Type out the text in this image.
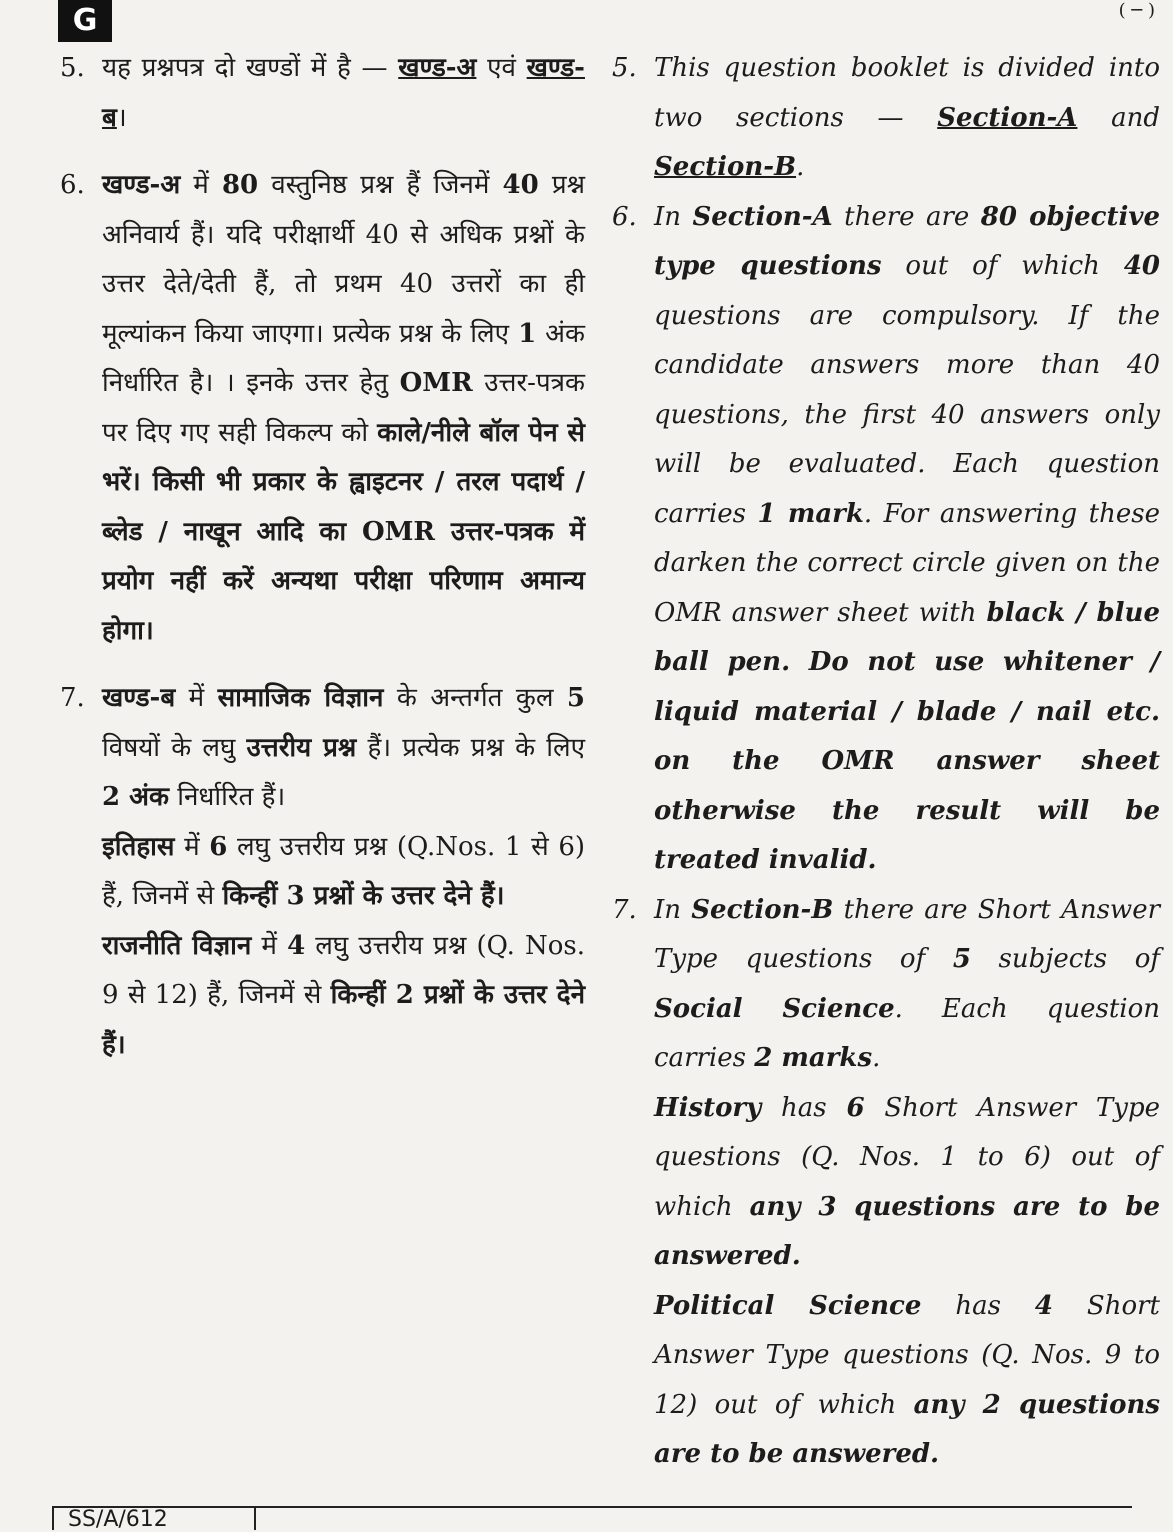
G	( ─ )
5. यह प्रश्नपत्र दो खण्डों में है — खण्ड-अ एवं खण्ड-ब।
6. खण्ड-अ में 80 वस्तुनिष्ठ प्रश्न हैं जिनमें 40 प्रश्न अनिवार्य हैं। यदि परीक्षार्थी 40 से अधिक प्रश्नों के उत्तर देते/देती हैं, तो प्रथम 40 उत्तरों का ही मूल्यांकन किया जाएगा। प्रत्येक प्रश्न के लिए 1 अंक निर्धारित है। । इनके उत्तर हेतु OMR उत्तर-पत्रक पर दिए गए सही विकल्प को काले/नीले बॉल पेन से भरें। किसी भी प्रकार के ह्वाइटनर / तरल पदार्थ / ब्लेड / नाखून आदि का OMR उत्तर-पत्रक में प्रयोग नहीं करें अन्यथा परीक्षा परिणाम अमान्य होगा।
7. खण्ड-ब में सामाजिक विज्ञान के अन्तर्गत कुल 5 विषयों के लघु उत्तरीय प्रश्न हैं। प्रत्येक प्रश्न के लिए 2 अंक निर्धारित हैं।

इतिहास में 6 लघु उत्तरीय प्रश्न (Q.Nos. 1 से 6) हैं, जिनमें से किन्हीं 3 प्रश्नों के उत्तर देने हैं।

राजनीति विज्ञान में 4 लघु उत्तरीय प्रश्न (Q. Nos. 9 से 12) हैं, जिनमें से किन्हीं 2 प्रश्नों के उत्तर देने हैं।

5. This question booklet is divided into two sections — Section-A and Section-B.
6. In Section-A there are 80 objective type questions out of which 40 questions are compulsory. If the candidate answers more than 40 questions, the first 40 answers only will be evaluated. Each question carries 1 mark. For answering these darken the correct circle given on the OMR answer sheet with black / blue ball pen. Do not use whitener / liquid material / blade / nail etc. on the OMR answer sheet otherwise the result will be treated invalid.
7. In Section-B there are Short Answer Type questions of 5 subjects of Social Science. Each question carries 2 marks.

History has 6 Short Answer Type questions (Q. Nos. 1 to 6) out of which any 3 questions are to be answered.

Political Science has 4 Short Answer Type questions (Q. Nos. 9 to 12) out of which any 2 questions are to be answered.

SS/A/612
